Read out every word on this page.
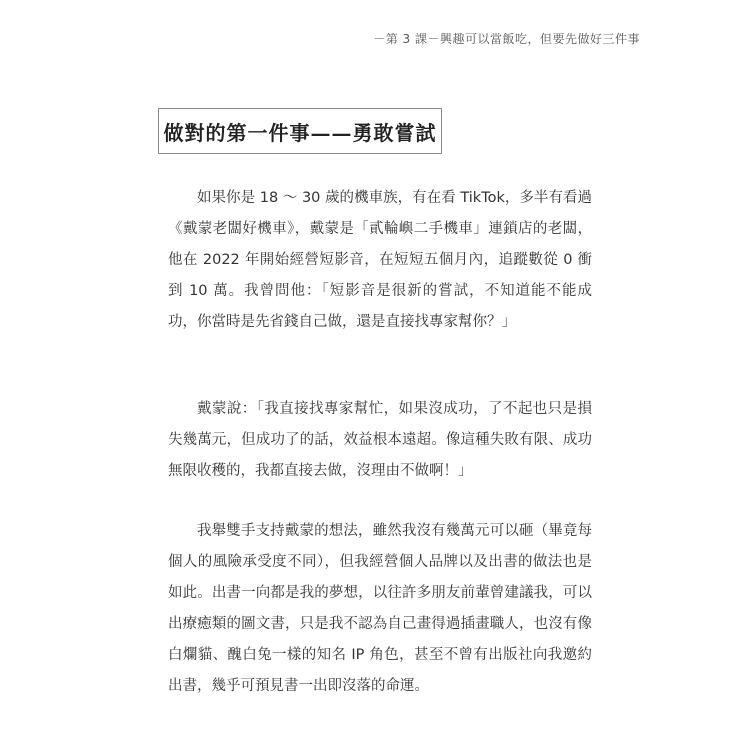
－第 3 課－興趣可以當飯吃，但要先做好三件事
做對的第一件事——勇敢嘗試

如果你是 18 ～ 30 歲的機車族，有在看 TikTok，多半有看過《戴蒙老闆好機車》，戴蒙是「貳輪嶼二手機車」連鎖店的老闆，他在 2022 年開始經營短影音，在短短五個月內，追蹤數從 0 衝到 10 萬。我曾問他：「短影音是很新的嘗試，不知道能不能成功，你當時是先省錢自己做，還是直接找專家幫你？」

戴蒙說：「我直接找專家幫忙，如果沒成功，了不起也只是損失幾萬元，但成功了的話，效益根本遠超。像這種失敗有限、成功無限收穫的，我都直接去做，沒理由不做啊！」

我舉雙手支持戴蒙的想法，雖然我沒有幾萬元可以砸（畢竟每個人的風險承受度不同），但我經營個人品牌以及出書的做法也是如此。出書一向都是我的夢想，以往許多朋友前輩曾建議我，可以出療癒類的圖文書，只是我不認為自己畫得過插畫職人，也沒有像白爛貓、醜白兔一樣的知名 IP 角色，甚至不曾有出版社向我邀約出書，幾乎可預見書一出即沒落的命運。
